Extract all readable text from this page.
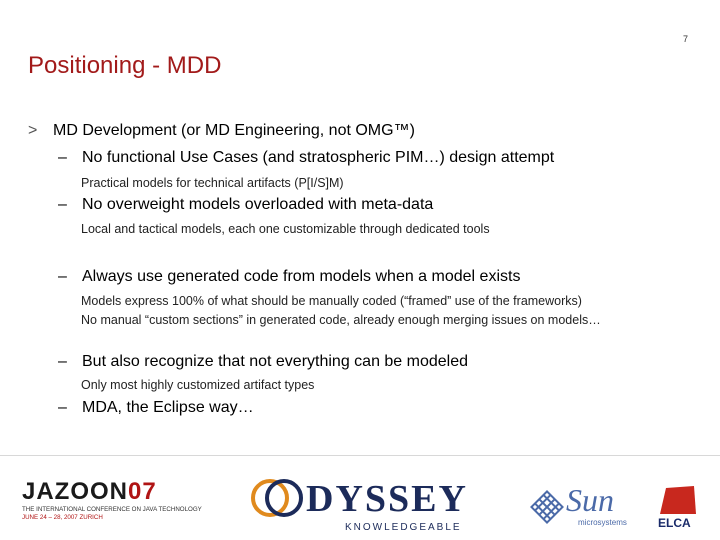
7
Positioning - MDD
> MD Development (or MD Engineering, not OMG™)
– No functional Use Cases (and stratospheric PIM…) design attempt
Practical models for technical artifacts (P[I/S]M)
– No overweight models overloaded with meta-data
Local and tactical models, each one customizable through dedicated tools
– Always use generated code from models when a model exists
Models express 100% of what should be manually coded (“framed” use of the frameworks)
No manual “custom sections” in generated code, already enough merging issues on models…
– But also recognize that not everything can be modeled
Only most highly customized artifact types
– MDA, the Eclipse way…
JAZOON07
THE INTERNATIONAL CONFERENCE ON JAVA TECHNOLOGY
JUNE 24 – 28, 2007 ZURICH	DYSSEY
KNOWLEDGEABLE
Sun
microsystems	ELCA
